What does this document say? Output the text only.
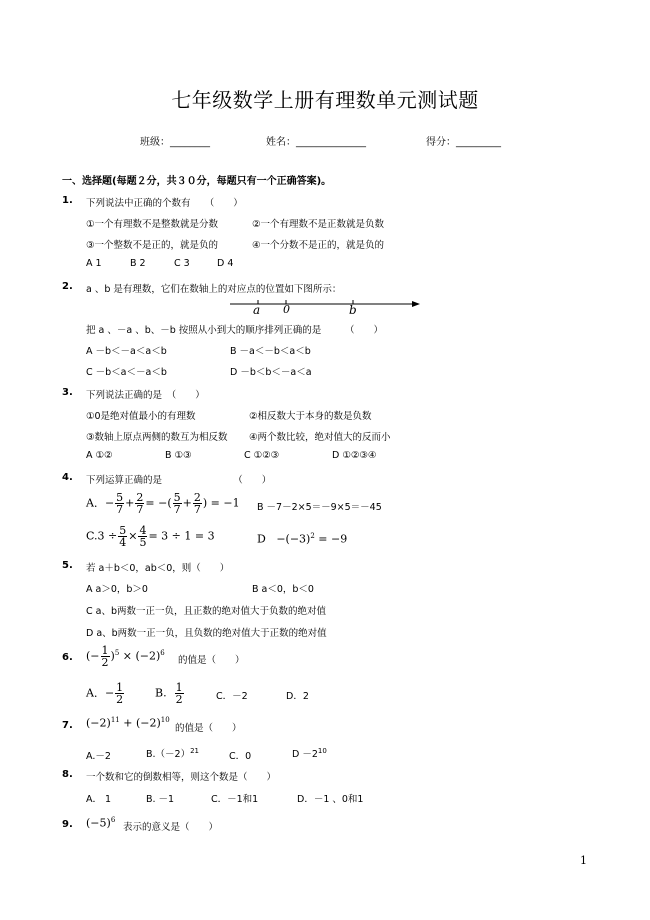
七年级数学上册有理数单元测试题
班级：________	姓名：______________	得分：_________
一、选择题(每题２分，共３０分，每题只有一个正确答案)。
1. 下列说法中正确的个数有　　（　　）
①一个有理数不是整数就是分数	②一个有理数不是正数就是负数
③一个整数不是正的，就是负的	④一个分数不是正的，就是负的
A 1	B 2	C 3	D 4
2. a 、b 是有理数，它们在数轴上的对应点的位置如下图所示：
a 0	b
把 a 、－a 、b、－b 按照从小到大的顺序排列正确的是　　　（　　）
A －b＜－a＜a＜b	B －a＜－b＜a＜b
C －b＜a＜－a＜b	D －b＜b＜－a＜a
3. 下列说法正确的是　（　　）
①0是绝对值最小的有理数	②相反数大于本身的数是负数
③数轴上原点两侧的数互为相反数 ④两个数比较，绝对值大的反而小
A ①②	B ①③	C ①②③	D ①②③④
4. 下列运算正确的是　　　　　　　　（　　）
A．− $\frac{5}{7} + \frac{2}{7}$ = −( $\frac{5}{7} + \frac{2}{7}$ ) = −1 B －7－2×5＝－9×5＝－45
$C.3 \div \frac{5}{4} \times \frac{4}{5} = 3 \div 1 = 3$	$D -(-3)^2 = -9$
5. 若 a＋b＜0，ab＜0，则（　　）
A a＞0，b＞0	B a＜0，b＜0
C a、b两数一正一负，且正数的绝对值大于负数的绝对值
D a、b两数一正一负，且负数的绝对值大于正数的绝对值
6. (− $\frac{1}{2} )^5 \times (-2)^6$
的值是（　　）
A．− $\frac{1}{2}$	B. $\frac{1}{2}$	C．－2	D．2
7. $(-2)^{11} + (-2)^{10}$
的值是（　　）
A.－2	$B.(-2)^{21}$
C．0	$D -2^{10}$
8. 一个数和它的倒数相等，则这个数是（　　）
A． 1	B. －1	C．－1和1	D．－1 、0和1
9. $(-5)^6$
表示的意义是（　　）
1
